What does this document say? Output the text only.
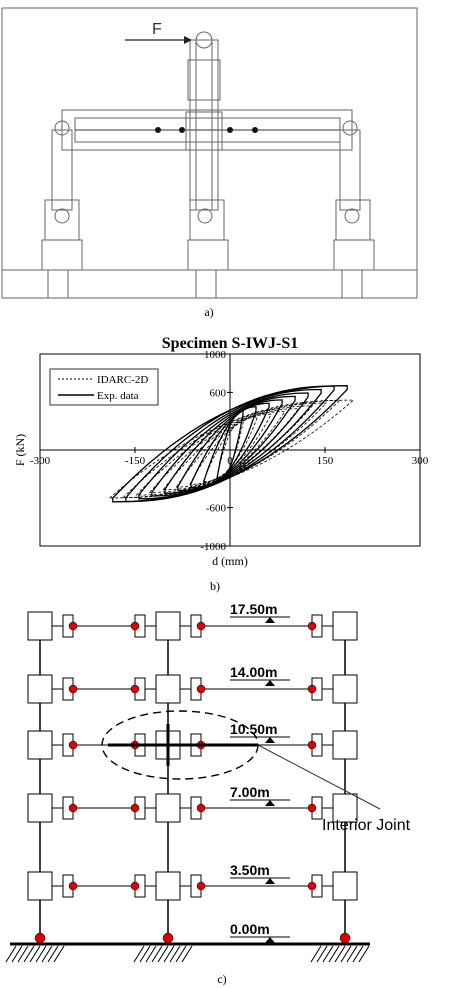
F
a)
Specimen S-IWJ-S1
-300	-150	0	150	300
1000
600
-600
-1000
IDARC-2D
Exp. data
d (mm)
F (kN)
b)
17.50m
14.00m
10.50m
7.00m
3.50m
0.00m
Interior Joint
c)
